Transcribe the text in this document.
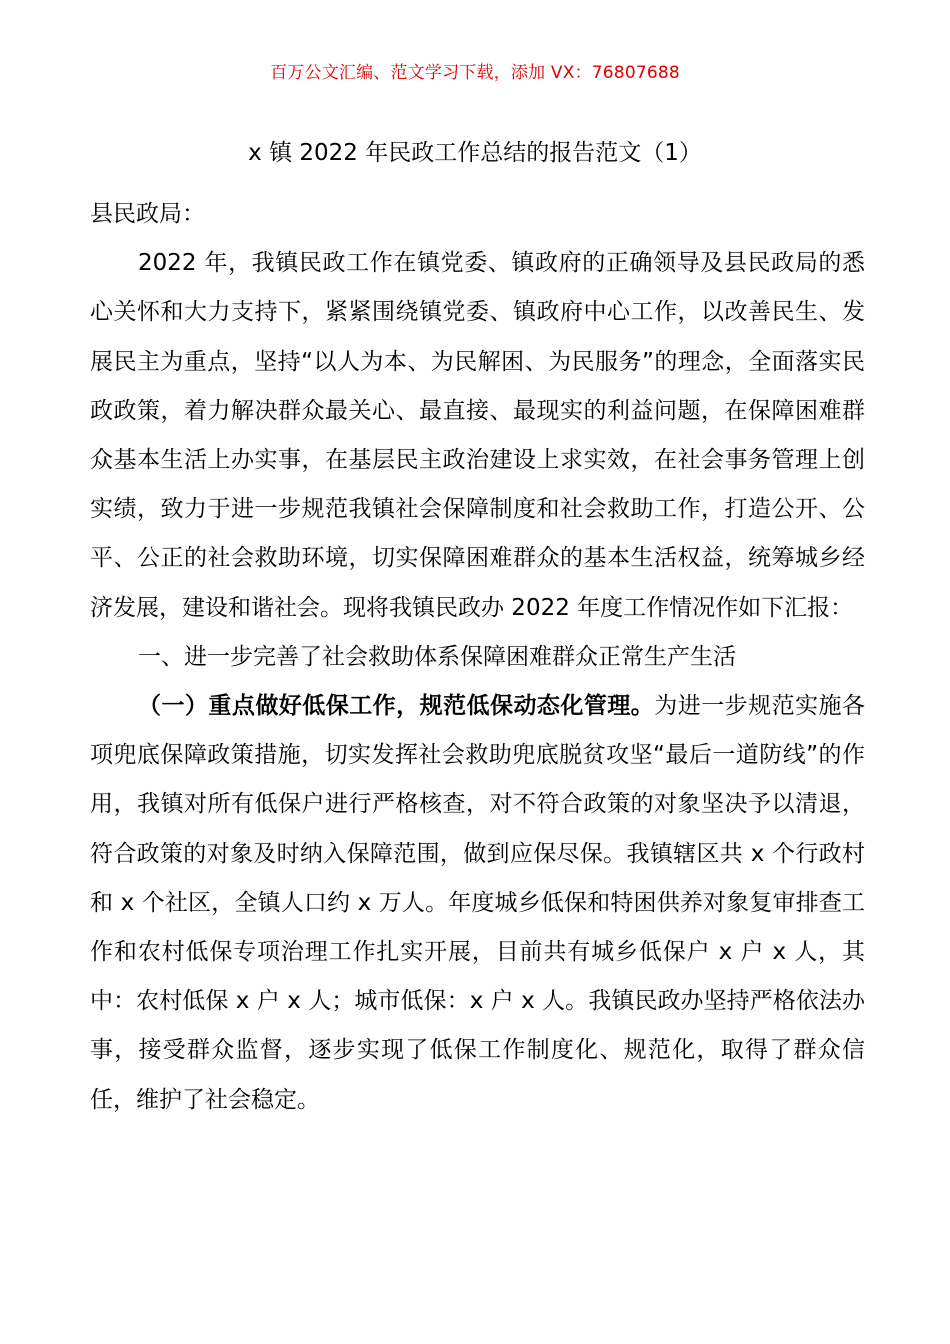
百万公文汇编、范文学习下载，添加 VX：76807688
x 镇 2022 年民政工作总结的报告范文（1）

县民政局：

2022 年，我镇民政工作在镇党委、镇政府的正确领导及县民政局的悉心关怀和大力支持下，紧紧围绕镇党委、镇政府中心工作，以改善民生、发展民主为重点，坚持“以人为本、为民解困、为民服务”的理念，全面落实民政政策，着力解决群众最关心、最直接、最现实的利益问题，在保障困难群众基本生活上办实事，在基层民主政治建设上求实效，在社会事务管理上创实绩，致力于进一步规范我镇社会保障制度和社会救助工作，打造公开、公平、公正的社会救助环境，切实保障困难群众的基本生活权益，统筹城乡经济发展，建设和谐社会。现将我镇民政办 2022 年度工作情况作如下汇报：

一、进一步完善了社会救助体系保障困难群众正常生产生活

（一）重点做好低保工作，规范低保动态化管理。为进一步规范实施各项兜底保障政策措施，切实发挥社会救助兜底脱贫攻坚“最后一道防线”的作用，我镇对所有低保户进行严格核查，对不符合政策的对象坚决予以清退，符合政策的对象及时纳入保障范围，做到应保尽保。我镇辖区共 x 个行政村和 x 个社区，全镇人口约 x 万人。年度城乡低保和特困供养对象复审排查工作和农村低保专项治理工作扎实开展，目前共有城乡低保户 x 户 x 人，其中：农村低保 x 户 x 人；城市低保：x 户 x 人。我镇民政办坚持严格依法办事，接受群众监督，逐步实现了低保工作制度化、规范化，取得了群众信任，维护了社会稳定。
